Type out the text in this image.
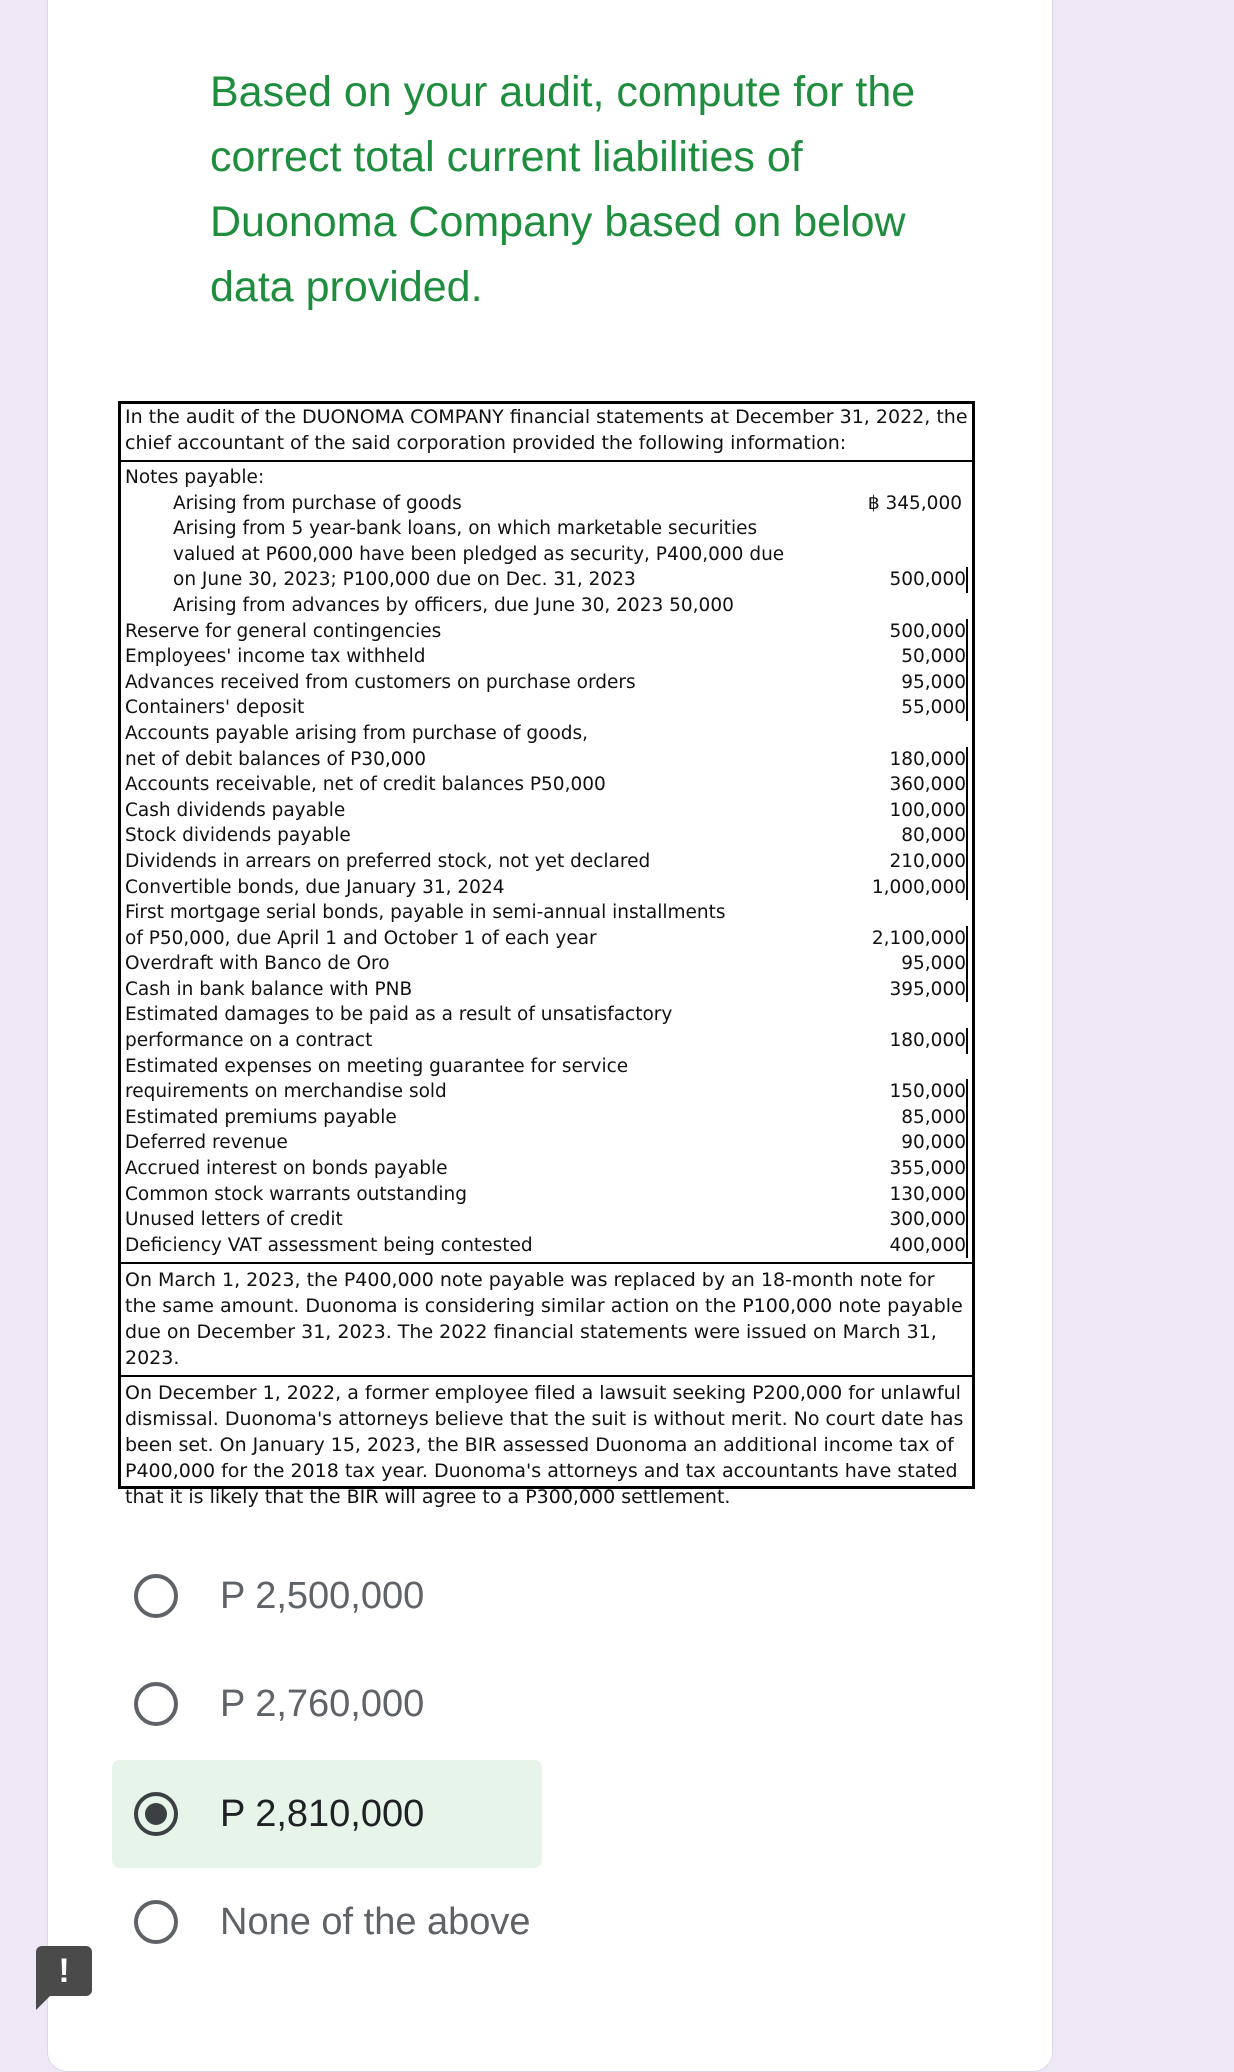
Based on your audit, compute for the correct total current liabilities of Duonoma Company based on below data provided.

In the audit of the DUONOMA COMPANY financial statements at December 31, 2022, the chief accountant of the said corporation provided the following information:

Notes payable:
Arising from purchase of goods	฿ 345,000
Arising from 5 year-bank loans, on which marketable securities
valued at P600,000 have been pledged as security, P400,000 due
on June 30, 2023; P100,000 due on Dec. 31, 2023	500,000
Arising from advances by officers, due June 30, 2023 50,000
Reserve for general contingencies	500,000
Employees' income tax withheld	50,000
Advances received from customers on purchase orders	95,000
Containers' deposit	55,000
Accounts payable arising from purchase of goods,
net of debit balances of P30,000	180,000
Accounts receivable, net of credit balances P50,000	360,000
Cash dividends payable	100,000
Stock dividends payable	80,000
Dividends in arrears on preferred stock, not yet declared	210,000
Convertible bonds, due January 31, 2024	1,000,000
First mortgage serial bonds, payable in semi-annual installments
of P50,000, due April 1 and October 1 of each year	2,100,000
Overdraft with Banco de Oro	95,000
Cash in bank balance with PNB	395,000
Estimated damages to be paid as a result of unsatisfactory
performance on a contract	180,000
Estimated expenses on meeting guarantee for service
requirements on merchandise sold	150,000
Estimated premiums payable	85,000
Deferred revenue	90,000
Accrued interest on bonds payable	355,000
Common stock warrants outstanding	130,000
Unused letters of credit	300,000
Deficiency VAT assessment being contested	400,000

On March 1, 2023, the P400,000 note payable was replaced by an 18-month note for the same amount. Duonoma is considering similar action on the P100,000 note payable due on December 31, 2023. The 2022 financial statements were issued on March 31, 2023.

On December 1, 2022, a former employee filed a lawsuit seeking P200,000 for unlawful dismissal. Duonoma's attorneys believe that the suit is without merit. No court date has been set. On January 15, 2023, the BIR assessed Duonoma an additional income tax of P400,000 for the 2018 tax year. Duonoma's attorneys and tax accountants have stated that it is likely that the BIR will agree to a P300,000 settlement.

P 2,500,000
P 2,760,000
P 2,810,000
None of the above
!
